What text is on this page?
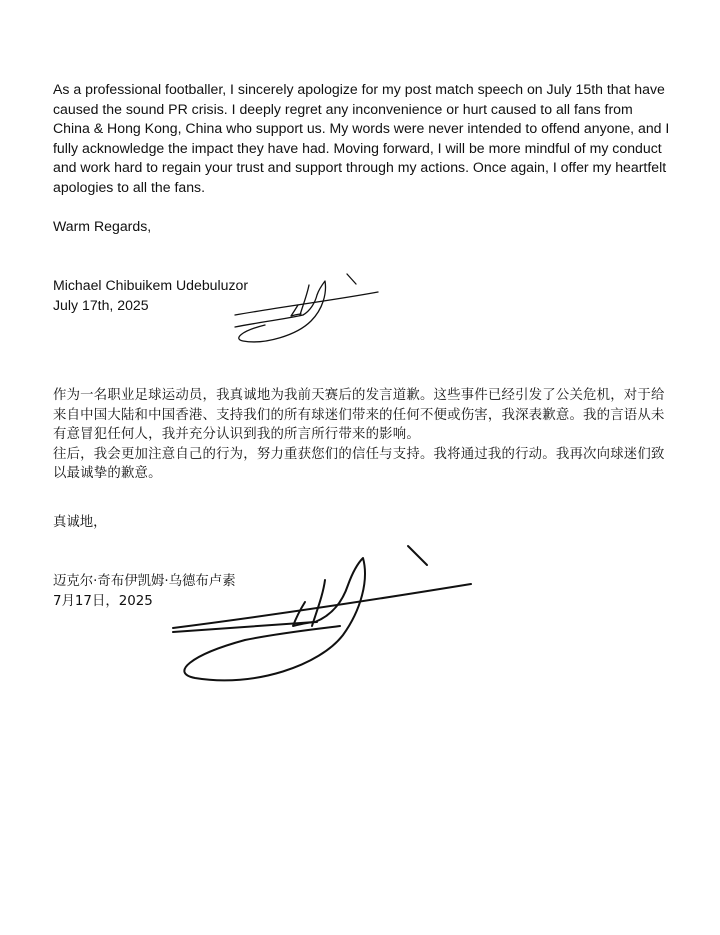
As a professional footballer, I sincerely apologize for my post match speech on July 15th that have caused the sound PR crisis. I deeply regret any inconvenience or hurt caused to all fans from China & Hong Kong, China who support us. My words were never intended to offend anyone, and I fully acknowledge the impact they have had. Moving forward, I will be more mindful of my conduct and work hard to regain your trust and support through my actions. Once again, I offer my heartfelt apologies to all the fans.

Warm Regards,

Michael Chibuikem Udebuluzor

July 17th, 2025

作为一名职业足球运动员，我真诚地为我前天赛后的发言道歉。这些事件已经引发了公关危机，对于给来自中国大陆和中国香港、支持我们的所有球迷们带来的任何不便或伤害，我深表歉意。我的言语从未有意冒犯任何人，我并充分认识到我的所言所行带来的影响。
往后，我会更加注意自己的行为，努力重获您们的信任与支持。我将通过我的行动。我再次向球迷们致以最诚挚的歉意。

真诚地，

迈克尔·奇布伊凯姆·乌德布卢素

7月17日，2025
